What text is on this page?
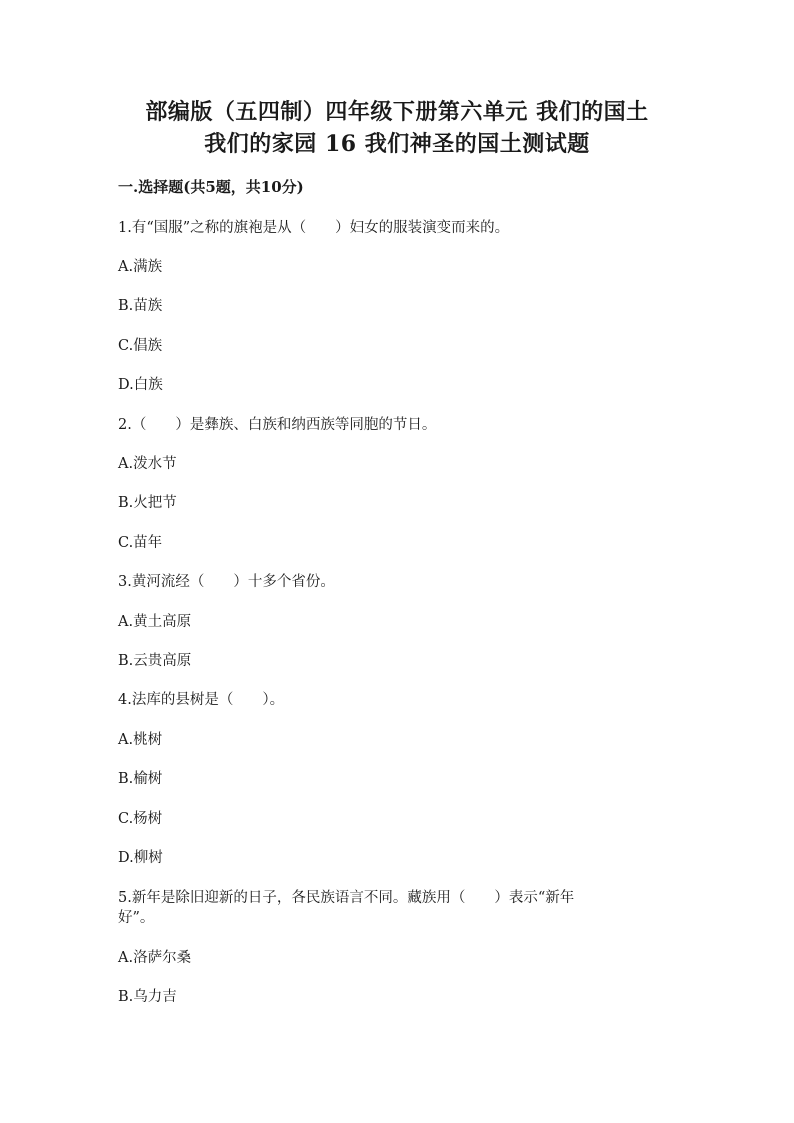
部编版（五四制）四年级下册第六单元 我们的国土
我们的家园 16 我们神圣的国土测试题
一.选择题(共5题，共10分)
1.有“国服”之称的旗袍是从（　　）妇女的服装演变而来的。
A.满族
B.苗族
C.倡族
D.白族
2.（　　）是彝族、白族和纳西族等同胞的节日。
A.泼水节
B.火把节
C.苗年
3.黄河流经（　　）十多个省份。
A.黄土高原
B.云贵高原
4.法库的县树是（　　）。
A.桃树
B.榆树
C.杨树
D.柳树
5.新年是除旧迎新的日子，各民族语言不同。藏族用（　　）表示“新年
好”。
A.洛萨尔桑
B.乌力吉
